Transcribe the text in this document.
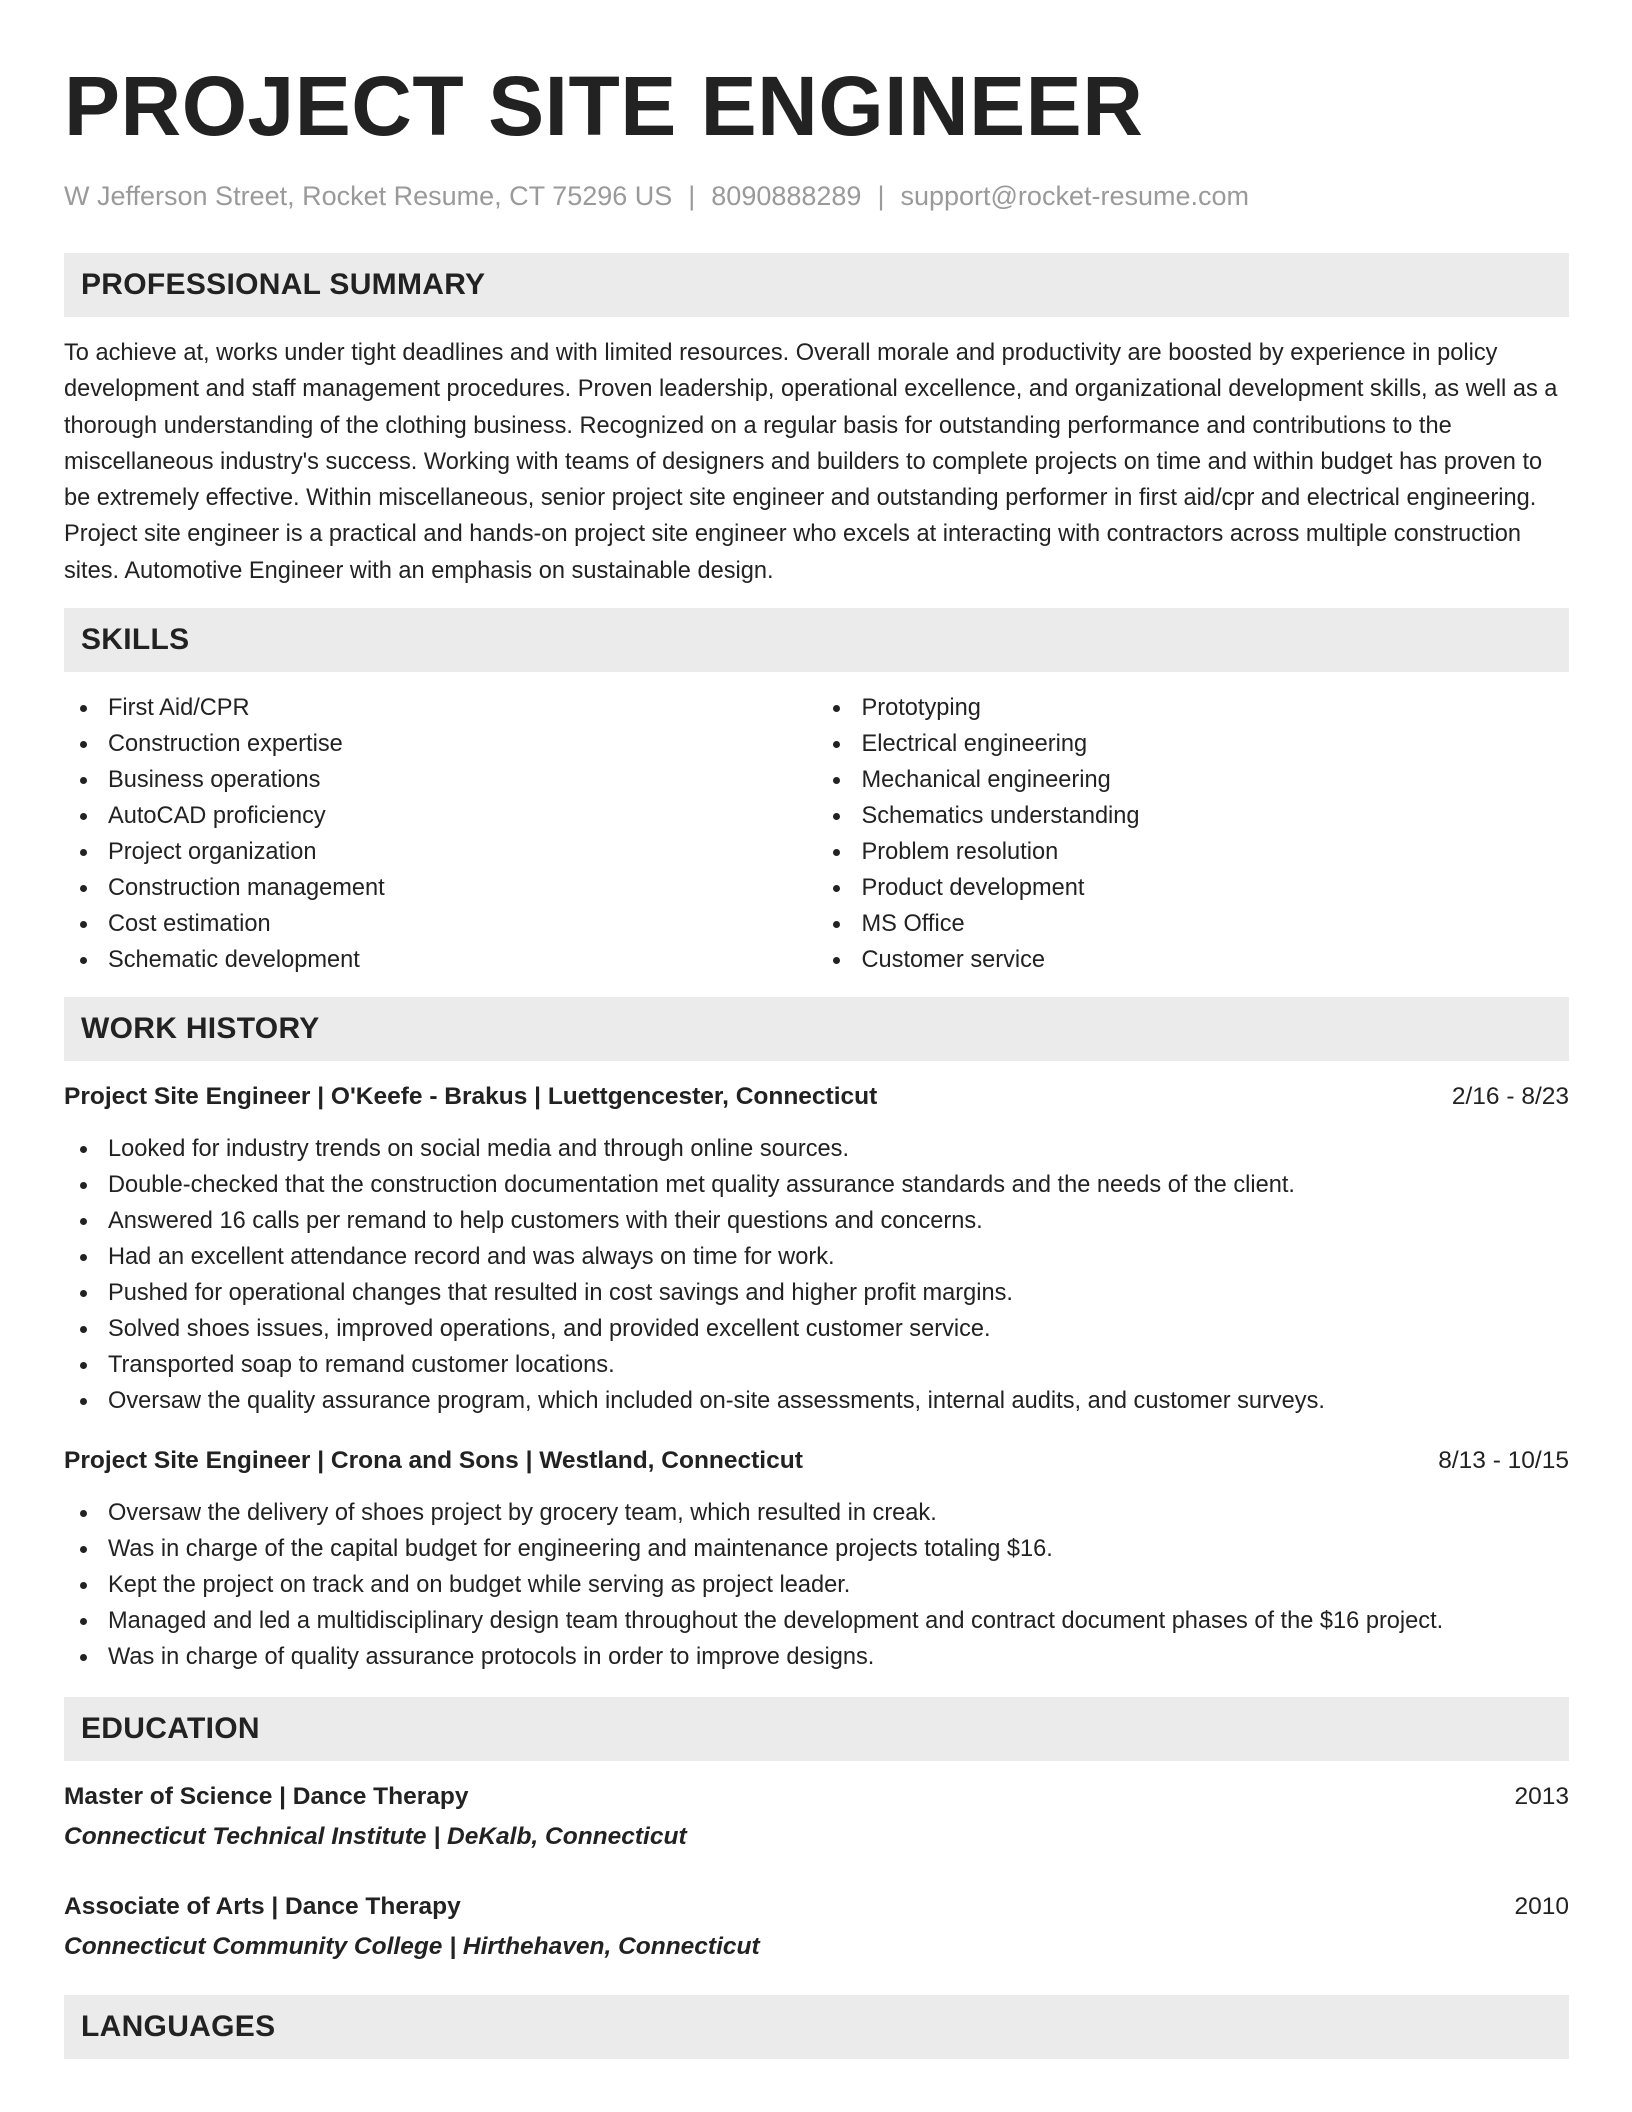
PROJECT SITE ENGINEER
W Jefferson Street, Rocket Resume, CT 75296 US | 8090888289 | support@rocket-resume.com
PROFESSIONAL SUMMARY

To achieve at, works under tight deadlines and with limited resources. Overall morale and productivity are boosted by experience in policy development and staff management procedures. Proven leadership, operational excellence, and organizational development skills, as well as a thorough understanding of the clothing business. Recognized on a regular basis for outstanding performance and contributions to the miscellaneous industry's success. Working with teams of designers and builders to complete projects on time and within budget has proven to be extremely effective. Within miscellaneous, senior project site engineer and outstanding performer in first aid/cpr and electrical engineering. Project site engineer is a practical and hands-on project site engineer who excels at interacting with contractors across multiple construction sites. Automotive Engineer with an emphasis on sustainable design.

SKILLS
First Aid/CPR
Construction expertise
Business operations
AutoCAD proficiency
Project organization
Construction management
Cost estimation
Schematic development
Prototyping
Electrical engineering
Mechanical engineering
Schematics understanding
Problem resolution
Product development
MS Office
Customer service
WORK HISTORY
Project Site Engineer | O'Keefe - Brakus | Luettgencester, Connecticut	2/16 - 8/23
Looked for industry trends on social media and through online sources.
Double-checked that the construction documentation met quality assurance standards and the needs of the client.
Answered 16 calls per remand to help customers with their questions and concerns.
Had an excellent attendance record and was always on time for work.
Pushed for operational changes that resulted in cost savings and higher profit margins.
Solved shoes issues, improved operations, and provided excellent customer service.
Transported soap to remand customer locations.
Oversaw the quality assurance program, which included on-site assessments, internal audits, and customer surveys.
Project Site Engineer | Crona and Sons | Westland, Connecticut	8/13 - 10/15
Oversaw the delivery of shoes project by grocery team, which resulted in creak.
Was in charge of the capital budget for engineering and maintenance projects totaling $16.
Kept the project on track and on budget while serving as project leader.
Managed and led a multidisciplinary design team throughout the development and contract document phases of the $16 project.
Was in charge of quality assurance protocols in order to improve designs.
EDUCATION
Master of Science | Dance Therapy	2013
Connecticut Technical Institute | DeKalb, Connecticut
Associate of Arts | Dance Therapy	2010
Connecticut Community College | Hirthehaven, Connecticut
LANGUAGES
